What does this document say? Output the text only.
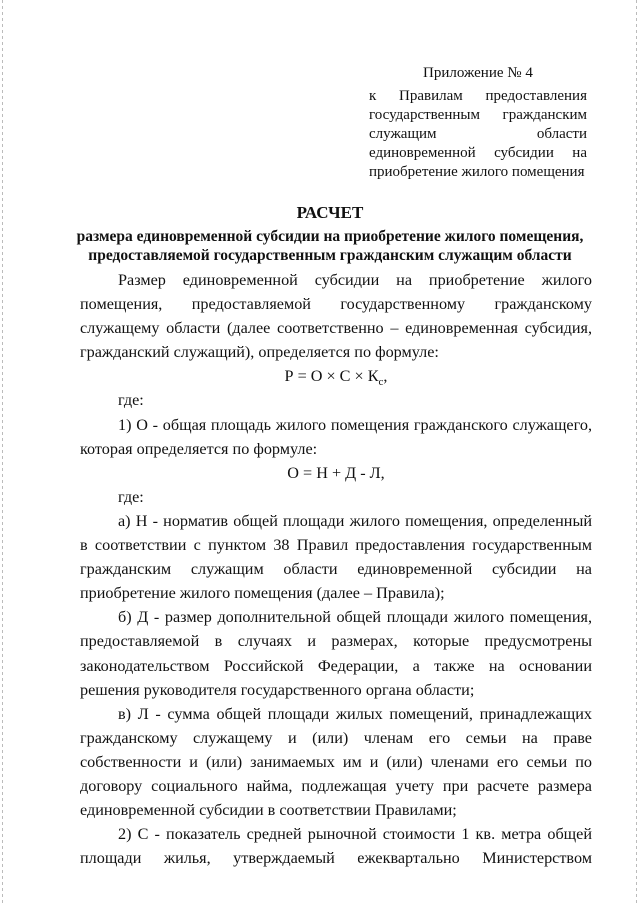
Приложение № 4
к Правилам предоставления государственным гражданским служащим области единовременной субсидии на приобретение жилого помещения
РАСЧЕТ
размера единовременной субсидии на приобретение жилого помещения, предоставляемой государственным гражданским служащим области

Размер единовременной субсидии на приобретение жилого помещения, предоставляемой государственному гражданскому служащему области (далее соответственно – единовременная субсидия, гражданский служащий), определяется по формуле:

$Р = О \times С \times К_с$,

где:

1) О - общая площадь жилого помещения гражданского служащего, которая определяется по формуле:

О = Н + Д - Л,

где:

а) Н - норматив общей площади жилого помещения, определенный в соответствии с пунктом 38 Правил предоставления государственным гражданским служащим области единовременной субсидии на приобретение жилого помещения (далее – Правила);

б) Д - размер дополнительной общей площади жилого помещения, предоставляемой в случаях и размерах, которые предусмотрены законодательством Российской Федерации, а также на основании решения руководителя государственного органа области;

в) Л - сумма общей площади жилых помещений, принадлежащих гражданскому служащему и (или) членам его семьи на праве собственности и (или) занимаемых им и (или) членами его семьи по договору социального найма, подлежащая учету при расчете размера единовременной субсидии в соответствии Правилами;

2) С - показатель средней рыночной стоимости 1 кв. метра общей площади жилья, утверждаемый ежеквартально Министерством
